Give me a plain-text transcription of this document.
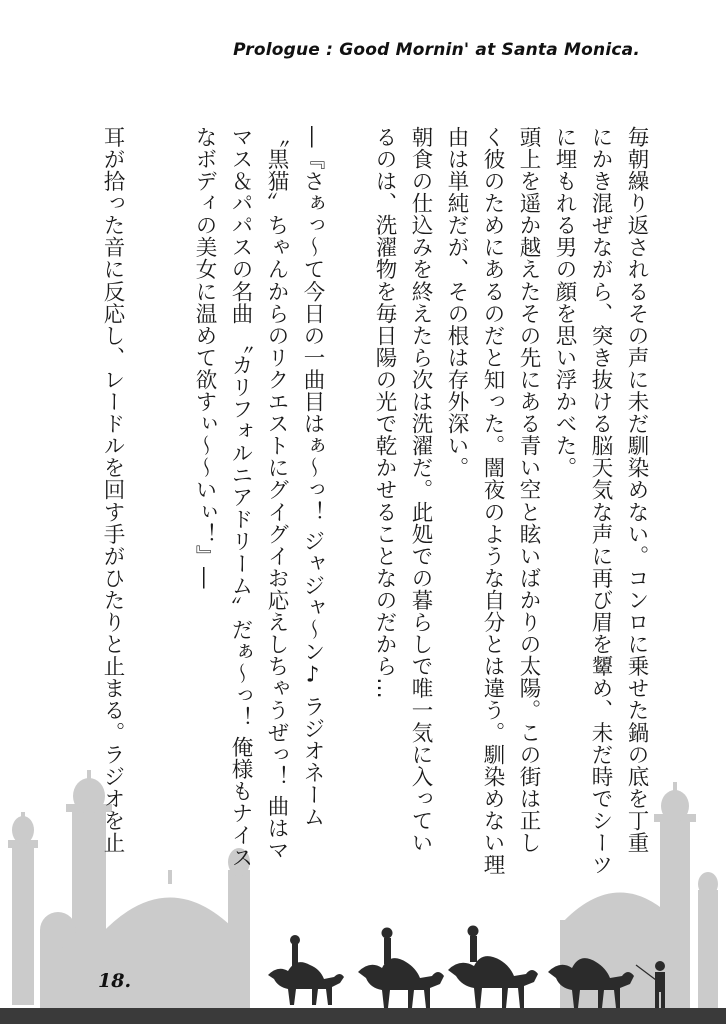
Prologue : Good Mornin' at Santa Monica.
毎朝繰り返されるその声に未だ馴染めない。コンロに乗せた鍋の底を丁重
にかき混ぜながら、突き抜ける脳天気な声に再び眉を顰め、未だ時でシーツ
に埋もれる男の顔を思い浮かべた。
頭上を遥か越えたその先にある青い空と眩いばかりの太陽。この街は正し
く彼のためにあるのだと知った。闇夜のような自分とは違う。馴染めない理
由は単純だが、その根は存外深い。
朝食の仕込みを終えたら次は洗濯だ。此処での暮らしで唯一気に入ってい
るのは、洗濯物を毎日陽の光で乾かせることなのだから…
―『さぁっ〜て今日の一曲目はぁ〜っ！ ジャジャ〜ン♪ ラジオネーム
〝黒猫〟ちゃんからのリクエストにグイグイお応えしちゃうぜっ！ 曲はマ
マス＆パパスの名曲 〝カリフォルニアドリーム〟だぁ〜っ！ 俺様もナイス
なボディの美女に温めて欲すぃ〜〜いぃ！』―
耳が拾った音に反応し、レードルを回す手がひたりと止まる。ラジオを止
18.
